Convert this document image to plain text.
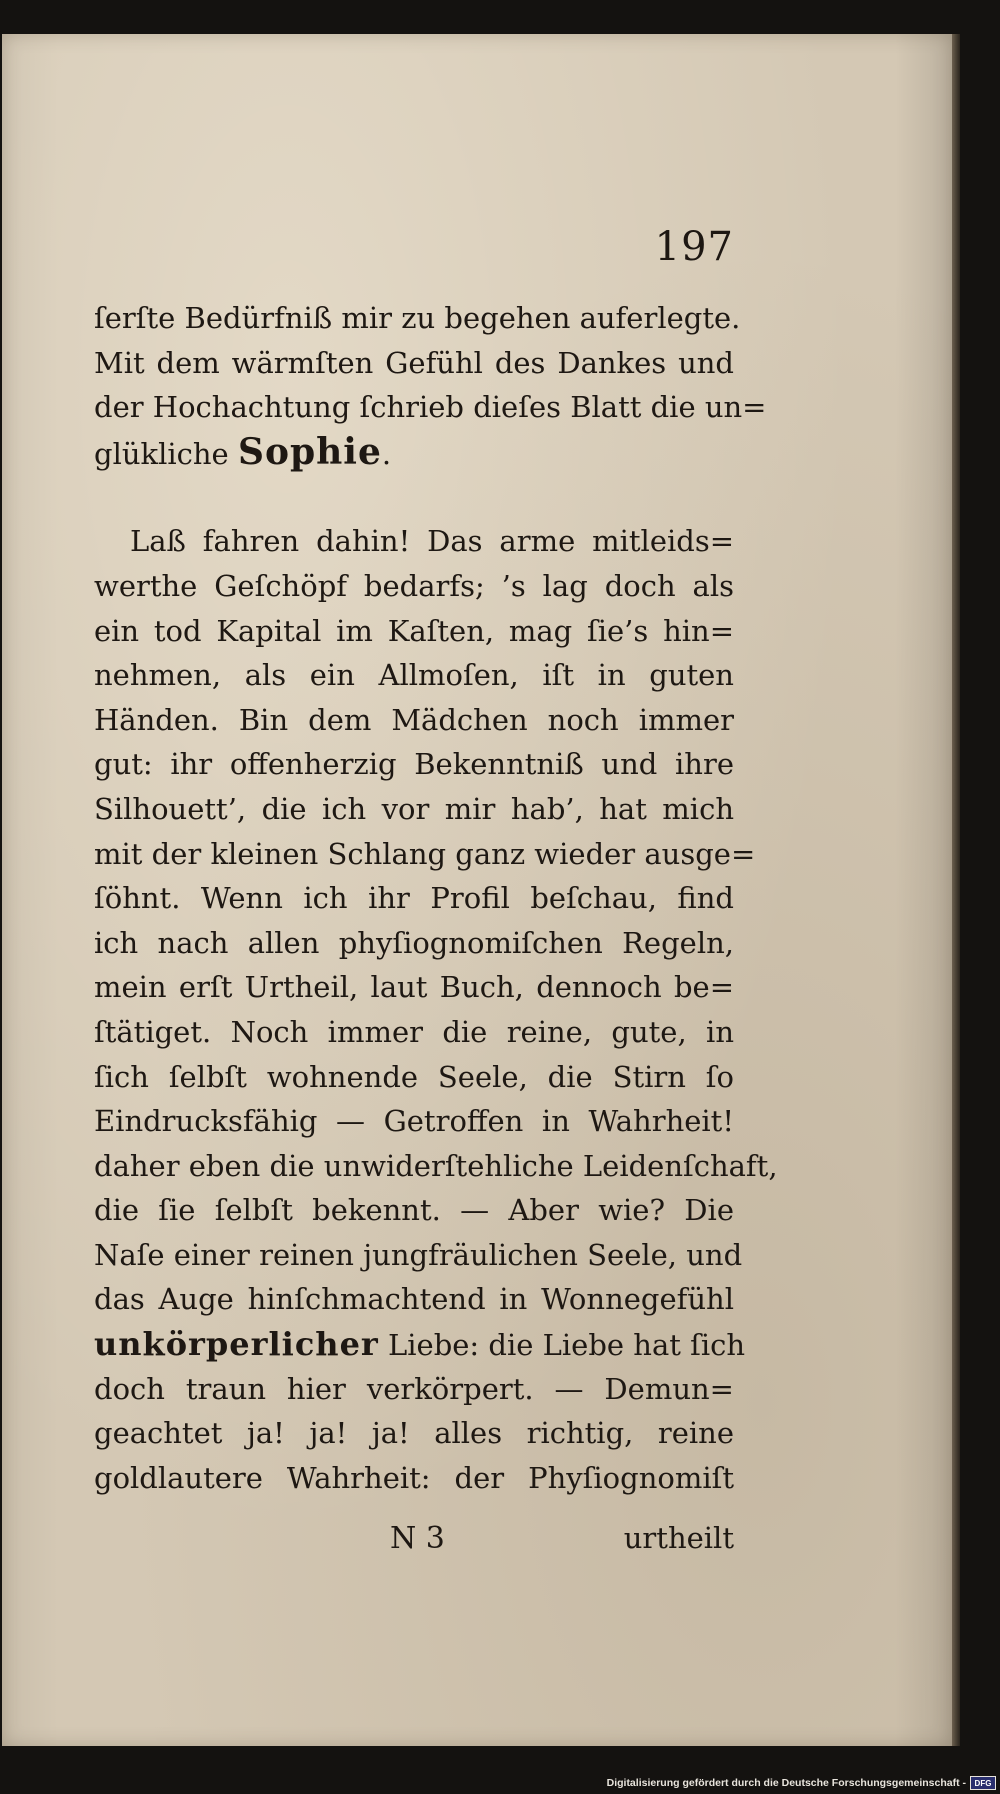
197
ſerſte Bedürfniß mir zu begehen auferlegte.
Mit dem wärmſten Gefühl des Dankes und
der Hochachtung ſchrieb dieſes Blatt die un=
glükliche Sophie.
Laß fahren dahin! Das arme mitleids=
werthe Geſchöpf bedarfs; ’s lag doch als
ein tod Kapital im Kaſten, mag ſie’s hin=
nehmen, als ein Allmoſen, iſt in guten
Händen. Bin dem Mädchen noch immer
gut: ihr offenherzig Bekenntniß und ihre
Silhouett’, die ich vor mir hab’, hat mich
mit der kleinen Schlang ganz wieder ausge=
ſöhnt. Wenn ich ihr Profil beſchau, find
ich nach allen phyſiognomiſchen Regeln,
mein erſt Urtheil, laut Buch, dennoch be=
ſtätiget. Noch immer die reine, gute, in
ſich ſelbſt wohnende Seele, die Stirn ſo
Eindrucksfähig — Getroffen in Wahrheit!
daher eben die unwiderſtehliche Leidenſchaft,
die ſie ſelbſt bekennt. — Aber wie? Die
Naſe einer reinen jungfräulichen Seele, und
das Auge hinſchmachtend in Wonnegefühl
unkörperlicher Liebe: die Liebe hat ſich
doch traun hier verkörpert. — Demun=
geachtet ja! ja! ja! alles richtig, reine
goldlautere Wahrheit: der Phyſiognomiſt
N 3	urtheilt
Digitalisierung gefördert durch die Deutsche Forschungsgemeinschaft -	DFG
